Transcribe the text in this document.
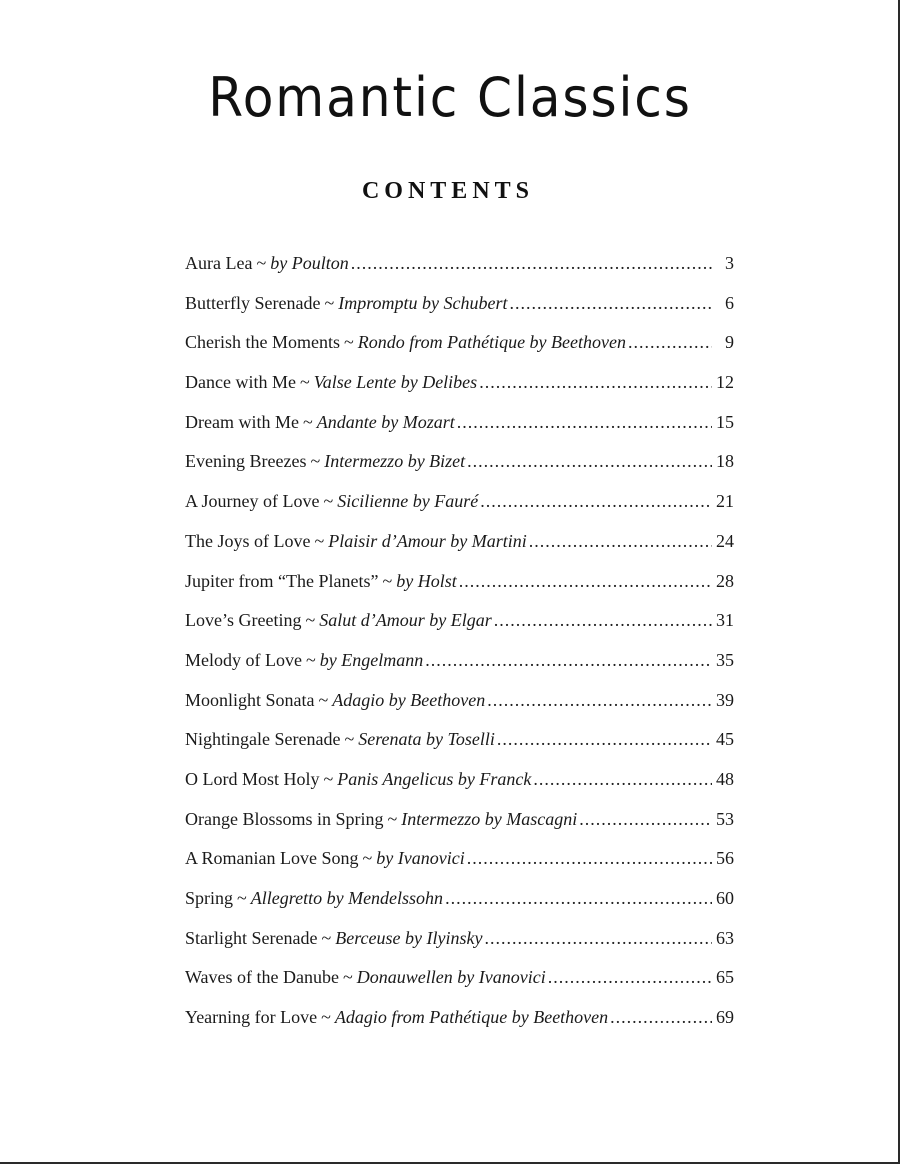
Romantic Classics
CONTENTS
Aura Lea ~ by Poulton .....	3
Butterfly Serenade ~ Impromptu by Schubert .....	6
Cherish the Moments ~ Rondo from Pathétique by Beethoven .....	9
Dance with Me ~ Valse Lente by Delibes .....	12
Dream with Me ~ Andante by Mozart .....	15
Evening Breezes ~ Intermezzo by Bizet .....	18
A Journey of Love ~ Sicilienne by Fauré .....	21
The Joys of Love ~ Plaisir d’Amour by Martini .....	24
Jupiter from “The Planets” ~ by Holst .....	28
Love’s Greeting ~ Salut d’Amour by Elgar .....	31
Melody of Love ~ by Engelmann .....	35
Moonlight Sonata ~ Adagio by Beethoven .....	39
Nightingale Serenade ~ Serenata by Toselli .....	45
O Lord Most Holy ~ Panis Angelicus by Franck .....	48
Orange Blossoms in Spring ~ Intermezzo by Mascagni .....	53
A Romanian Love Song ~ by Ivanovici .....	56
Spring ~ Allegretto by Mendelssohn .....	60
Starlight Serenade ~ Berceuse by Ilyinsky .....	63
Waves of the Danube ~ Donauwellen by Ivanovici .....	65
Yearning for Love ~ Adagio from Pathétique by Beethoven .....	69
